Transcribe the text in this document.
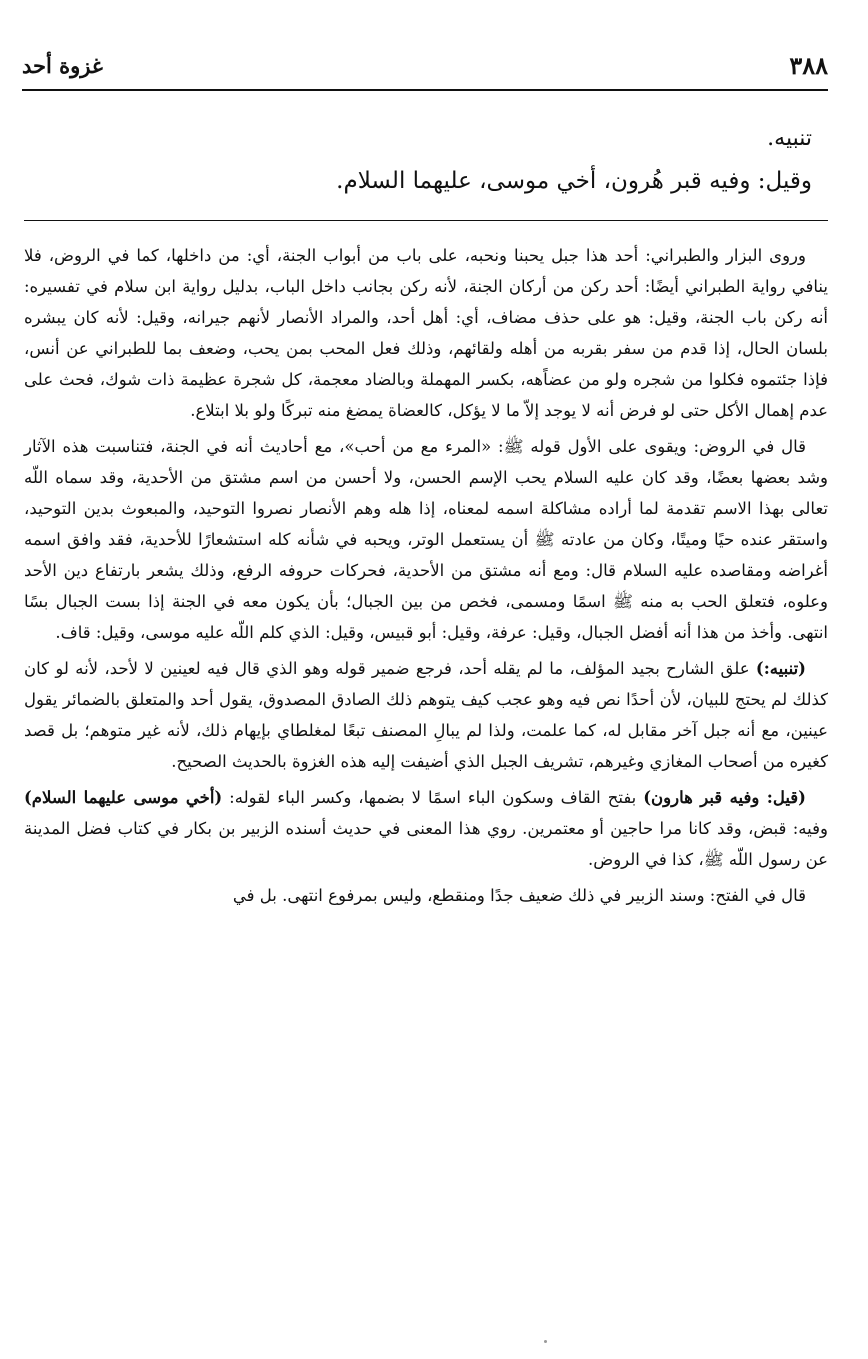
٣٨٨
غزوة أحد

تنبيه.

وقيل: وفيه قبر هُرون، أخي موسى، عليهما السلام.

وروى البزار والطبراني: أحد هذا جبل يحبنا ونحبه، على باب من أبواب الجنة، أي: من داخلها، كما في الروض، فلا ينافي رواية الطبراني أيضًا: أحد ركن من أركان الجنة، لأنه ركن بجانب داخل الباب، بدليل رواية ابن سلام في تفسيره: أنه ركن باب الجنة، وقيل: هو على حذف مضاف، أي: أهل أحد، والمراد الأنصار لأنهم جيرانه، وقيل: لأنه كان يبشره بلسان الحال، إذا قدم من سفر بقربه من أهله ولقائهم، وذلك فعل المحب بمن يحب، وضعف بما للطبراني عن أنس، فإذا جئتموه فكلوا من شجره ولو من عضاًهه، بكسر المهملة وبالضاد معجمة، كل شجرة عظيمة ذات شوك، فحث على عدم إهمال الأكل حتى لو فرض أنه لا يوجد إلاّ ما لا يؤكل، كالعضاة يمضغ منه تبركًا ولو بلا ابتلاع.

قال في الروض: ويقوى على الأول قوله ﷺ: «المرء مع من أحب»، مع أحاديث أنه في الجنة، فتناسبت هذه الآثار وشد بعضها بعضًا، وقد كان عليه السلام يحب الإسم الحسن، ولا أحسن من اسم مشتق من الأحدية، وقد سماه اللّه تعالى بهذا الاسم تقدمة لما أراده مشاكلة اسمه لمعناه، إذا هله وهم الأنصار نصروا التوحيد، والمبعوث بدين التوحيد، واستقر عنده حيًا وميتًا، وكان من عادته ﷺ أن يستعمل الوتر، ويحبه في شأنه كله استشعارًا للأحدية، فقد وافق اسمه أغراضه ومقاصده عليه السلام قال: ومع أنه مشتق من الأحدية، فحركات حروفه الرفع، وذلك يشعر بارتفاع دين الأحد وعلوه، فتعلق الحب به منه ﷺ اسمًا ومسمى، فخص من بين الجبال؛ بأن يكون معه في الجنة إذا بست الجبال بسًا انتهى. وأخذ من هذا أنه أفضل الجبال، وقيل: عرفة، وقيل: أبو قبيس، وقيل: الذي كلم اللّه عليه موسى، وقيل: قاف.

(تنبيه:) علق الشارح بجيد المؤلف، ما لم يقله أحد، فرجع ضمير قوله وهو الذي قال فيه لعينين لا لأحد، لأنه لو كان كذلك لم يحتج للبيان، لأن أحدًا نص فيه وهو عجب كيف يتوهم ذلك الصادق المصدوق، يقول أحد والمتعلق بالضمائر يقول عينين، مع أنه جبل آخر مقابل له، كما علمت، ولذا لم يبالِ المصنف تبعًا لمغلطاي بإيهام ذلك، لأنه غير متوهم؛ بل قصد كغيره من أصحاب المغازي وغيرهم، تشريف الجبل الذي أضيفت إليه هذه الغزوة بالحديث الصحيح.

(قيل: وفيه قبر هارون) بفتح القاف وسكون الباء اسمًا لا بضمها، وكسر الباء لقوله: (أخي موسى عليهما السلام) وفيه: قبض، وقد كانا مرا حاجين أو معتمرين. روي هذا المعنى في حديث أسنده الزبير بن بكار في كتاب فضل المدينة عن رسول اللّه ﷺ، كذا في الروض.

قال في الفتح: وسند الزبير في ذلك ضعيف جدًا ومنقطع، وليس بمرفوع انتهى. بل في
